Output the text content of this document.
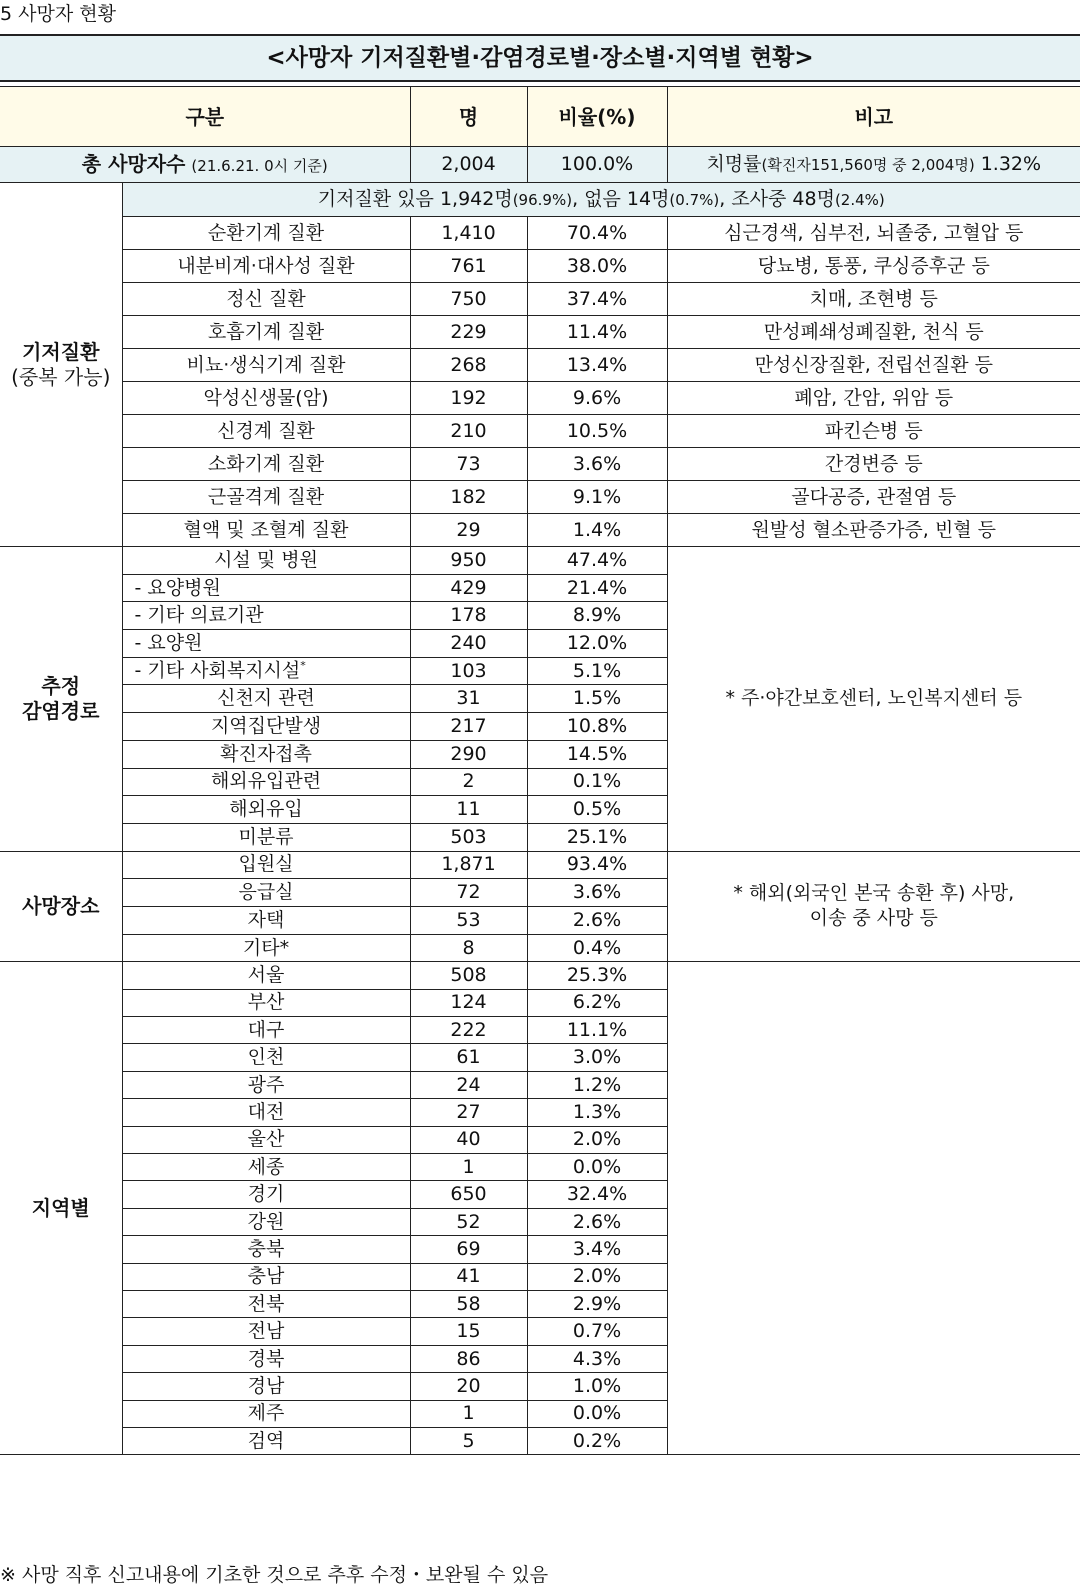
5 사망자 현황
<사망자 기저질환별·감염경로별·장소별·지역별 현황>
구분		명	비율(%)	비고
총 사망자수 (21.6.21. 0시 기준)		2,004	100.0%	치명률(확진자151,560명 중 2,004명) 1.32%
기저질환
(중복 가능)	기저질환 있음 1,942명(96.9%), 없음 14명(0.7%), 조사중 48명(2.4%)			
	순환기계 질환	1,410	70.4%	심근경색, 심부전, 뇌졸중, 고혈압 등
	내분비계·대사성 질환	761	38.0%	당뇨병, 통풍, 쿠싱증후군 등
	정신 질환	750	37.4%	치매, 조현병 등
	호흡기계 질환	229	11.4%	만성폐쇄성폐질환, 천식 등
	비뇨·생식기계 질환	268	13.4%	만성신장질환, 전립선질환 등
	악성신생물(암)	192	9.6%	폐암, 간암, 위암 등
	신경계 질환	210	10.5%	파킨슨병 등
	소화기계 질환	73	3.6%	간경변증 등
	근골격계 질환	182	9.1%	골다공증, 관절염 등
	혈액 및 조혈계 질환	29	1.4%	원발성 혈소판증가증, 빈혈 등
추정
감염경로	시설 및 병원	950	47.4%	* 주·야간보호센터, 노인복지센터 등
	- 요양병원	429	21.4%	
	- 기타 의료기관	178	8.9%	
	- 요양원	240	12.0%	
	- 기타 사회복지시설*	103	5.1%	
	신천지 관련	31	1.5%	
	지역집단발생	217	10.8%	
	확진자접촉	290	14.5%	
	해외유입관련	2	0.1%	
	해외유입	11	0.5%	
	미분류	503	25.1%	
사망장소	입원실	1,871	93.4%	* 해외(외국인 본국 송환 후) 사망,
이송 중 사망 등
	응급실	72	3.6%	
	자택	53	2.6%	
	기타*	8	0.4%	
지역별	서울	508	25.3%	
	부산	124	6.2%	
	대구	222	11.1%	
	인천	61	3.0%	
	광주	24	1.2%	
	대전	27	1.3%	
	울산	40	2.0%	
	세종	1	0.0%	
	경기	650	32.4%	
	강원	52	2.6%	
	충북	69	3.4%	
	충남	41	2.0%	
	전북	58	2.9%	
	전남	15	0.7%	
	경북	86	4.3%	
	경남	20	1.0%	
	제주	1	0.0%	
	검역	5	0.2%	
※ 사망 직후 신고내용에 기초한 것으로 추후 수정・보완될 수 있음
